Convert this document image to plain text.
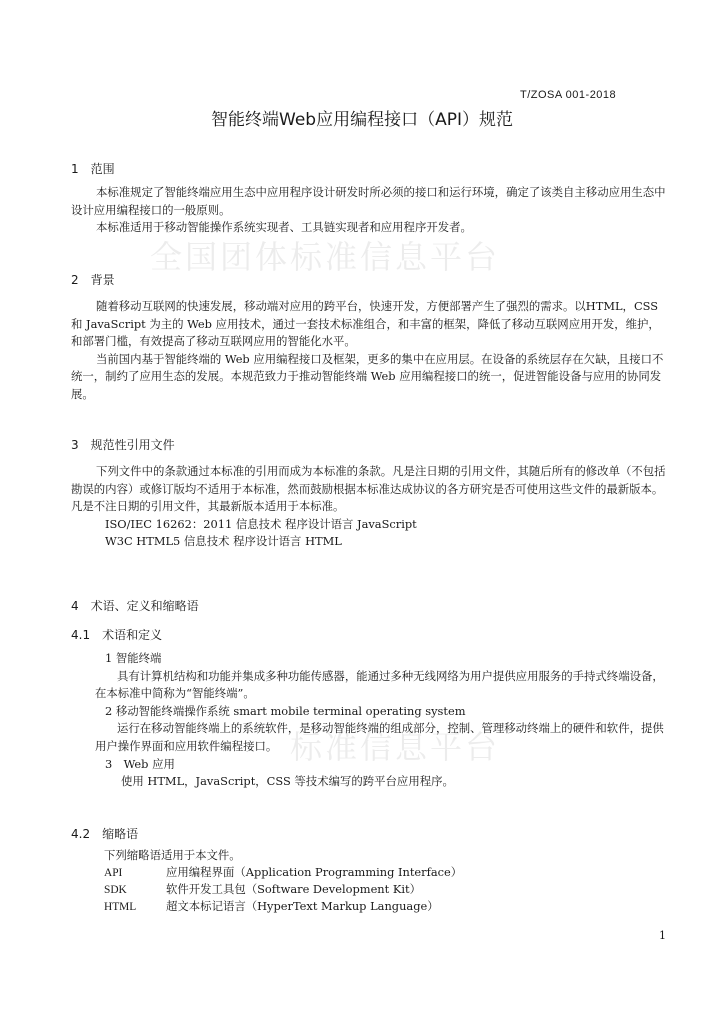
全国团体标准信息平台
标准信息平台
T/ZOSA 001-2018
智能终端Web应用编程接口（API）规范
1　范围
本标准规定了智能终端应用生态中应用程序设计研发时所必须的接口和运行环境，确定了该类自主移动应用生态中设计应用编程接口的一般原则。
本标准适用于移动智能操作系统实现者、工具链实现者和应用程序开发者。
2　背景
随着移动互联网的快速发展，移动端对应用的跨平台，快速开发，方便部署产生了强烈的需求。以HTML，CSS 和 JavaScript 为主的 Web 应用技术，通过一套技术标准组合，和丰富的框架，降低了移动互联网应用开发，维护，和部署门槛，有效提高了移动互联网应用的智能化水平。
当前国内基于智能终端的 Web 应用编程接口及框架，更多的集中在应用层。在设备的系统层存在欠缺，且接口不统一，制约了应用生态的发展。本规范致力于推动智能终端 Web 应用编程接口的统一，促进智能设备与应用的协同发展。
3　规范性引用文件
下列文件中的条款通过本标准的引用而成为本标准的条款。凡是注日期的引用文件，其随后所有的修改单（不包括勘误的内容）或修订版均不适用于本标准，然而鼓励根据本标准达成协议的各方研究是否可使用这些文件的最新版本。凡是不注日期的引用文件，其最新版本适用于本标准。
ISO/IEC 16262：2011 信息技术 程序设计语言 JavaScript
W3C HTML5 信息技术 程序设计语言 HTML
4　术语、定义和缩略语
4.1　术语和定义
1 智能终端
具有计算机结构和功能并集成多种功能传感器，能通过多种无线网络为用户提供应用服务的手持式终端设备，在本标准中简称为“智能终端”。
2 移动智能终端操作系统 smart mobile terminal operating system
运行在移动智能终端上的系统软件，是移动智能终端的组成部分，控制、管理移动终端上的硬件和软件，提供用户操作界面和应用软件编程接口。
3　Web 应用
使用 HTML，JavaScript，CSS 等技术编写的跨平台应用程序。
4.2　缩略语
下列缩略语适用于本文件。
API	应用编程界面（Application Programming Interface）
SDK	软件开发工具包（Software Development Kit）
HTML	超文本标记语言（HyperText Markup Language）
1
